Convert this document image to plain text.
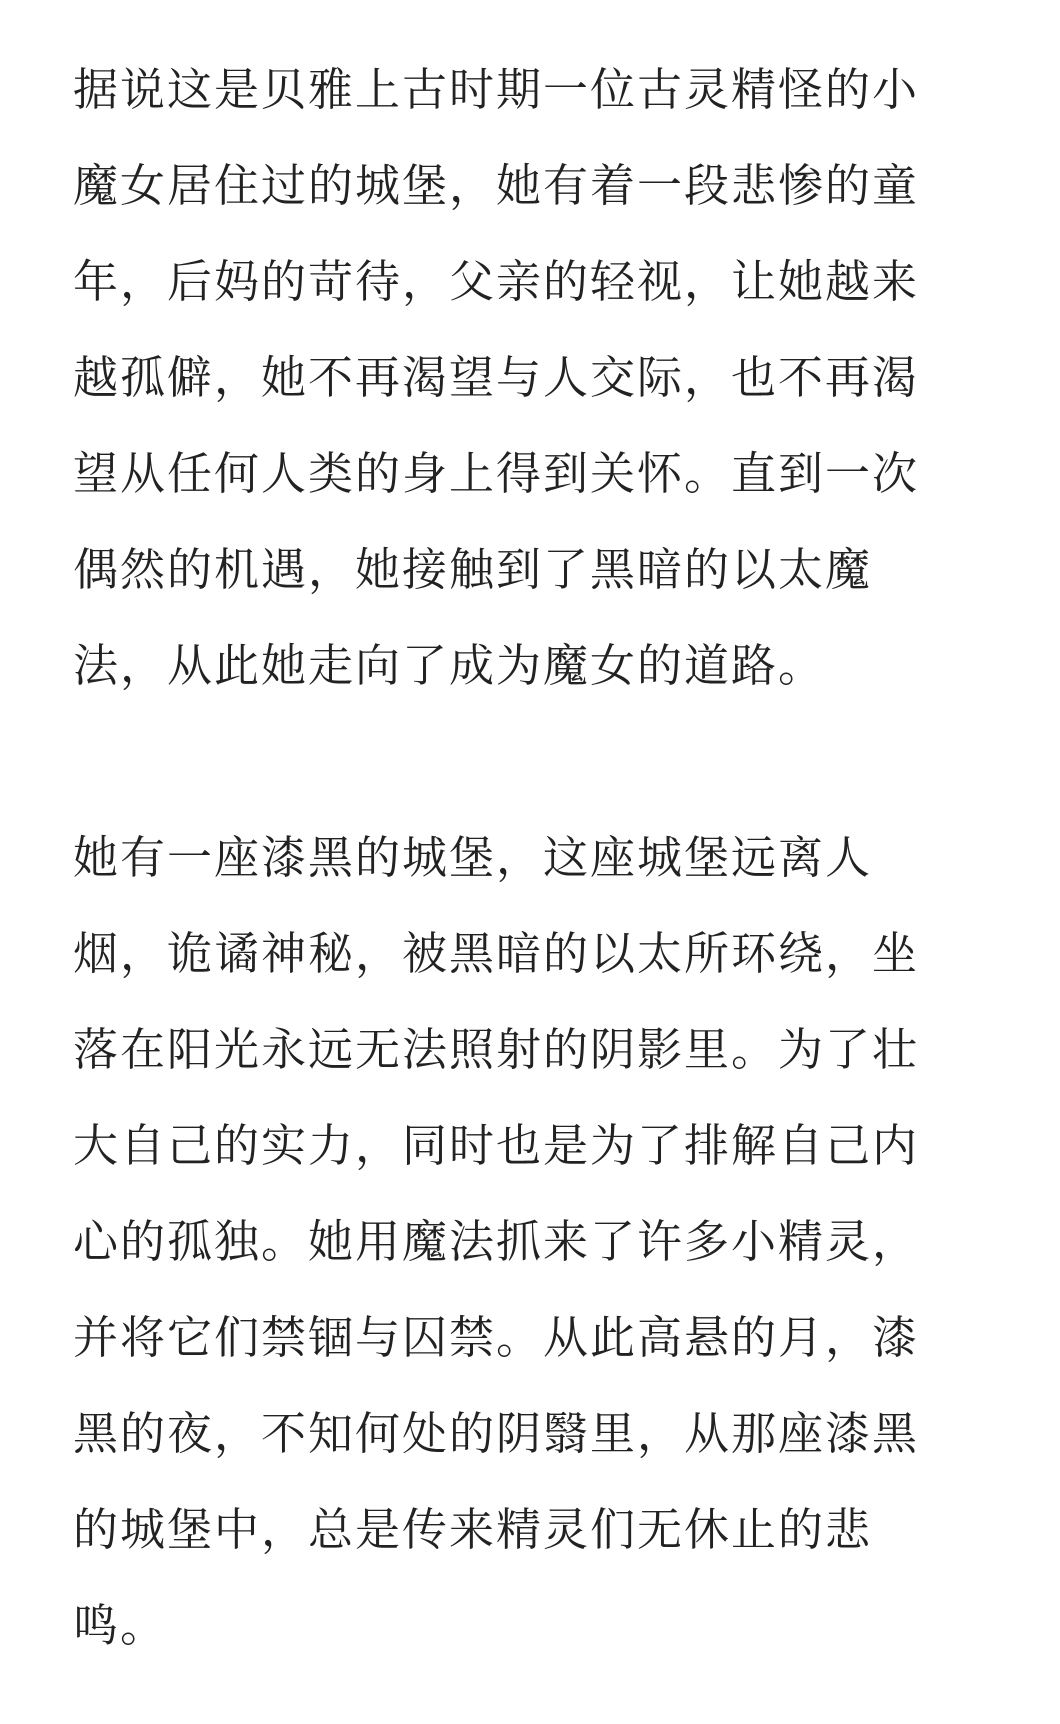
据说这是贝雅上古时期一位古灵精怪的小
魔女居住过的城堡，她有着一段悲惨的童
年，后妈的苛待，父亲的轻视，让她越来
越孤僻，她不再渴望与人交际，也不再渴
望从任何人类的身上得到关怀。直到一次
偶然的机遇，她接触到了黑暗的以太魔
法，从此她走向了成为魔女的道路。

她有一座漆黑的城堡，这座城堡远离人
烟，诡谲神秘，被黑暗的以太所环绕，坐
落在阳光永远无法照射的阴影里。为了壮
大自己的实力，同时也是为了排解自己内
心的孤独。她用魔法抓来了许多小精灵，
并将它们禁锢与囚禁。从此高悬的月，漆
黑的夜，不知何处的阴翳里，从那座漆黑
的城堡中，总是传来精灵们无休止的悲
鸣。
